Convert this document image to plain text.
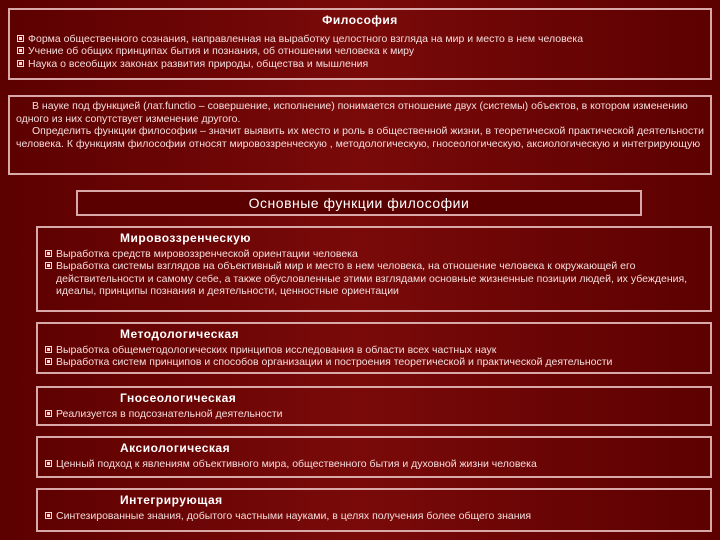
Философия
Форма общественного сознания, направленная на выработку целостного взгляда на мир и место в нем человека
Учение об общих принципах бытия и познания, об отношении человека к миру
Наука о всеобщих законах развития природы, общества и мышления
В науке под функцией (лат.functio – совершение, исполнение) понимается отношение двух (системы) объектов, в котором изменению одного из них сопутствует изменение другого.
Определить функции философии – значит выявить их место и роль в общественной жизни, в теоретической практической деятельности человека. К функциям философии относят мировоззренческую , методологическую, гносеологическую, аксиологическую и интегрирующую
Основные функции философии
Мировоззренческую
Выработка средств мировоззренческой ориентации человека
Выработка системы взглядов на объективный мир и место в нем человека, на отношение человека к окружающей его действительности и самому себе, а также обусловленные этими взглядами основные жизненные позиции людей, их убеждения, идеалы, принципы познания и деятельности, ценностные ориентации
Методологическая
Выработка общеметодологических принципов исследования в области всех частных наук
Выработка систем принципов и способов организации и построения теоретической и практической деятельности
Гносеологическая
Реализуется в подсознательной деятельности
Аксиологическая
Ценный подход к явлениям объективного мира, общественного бытия и духовной жизни человека
Интегрирующая
Синтезированные знания, добытого частными науками, в целях получения более общего знания
